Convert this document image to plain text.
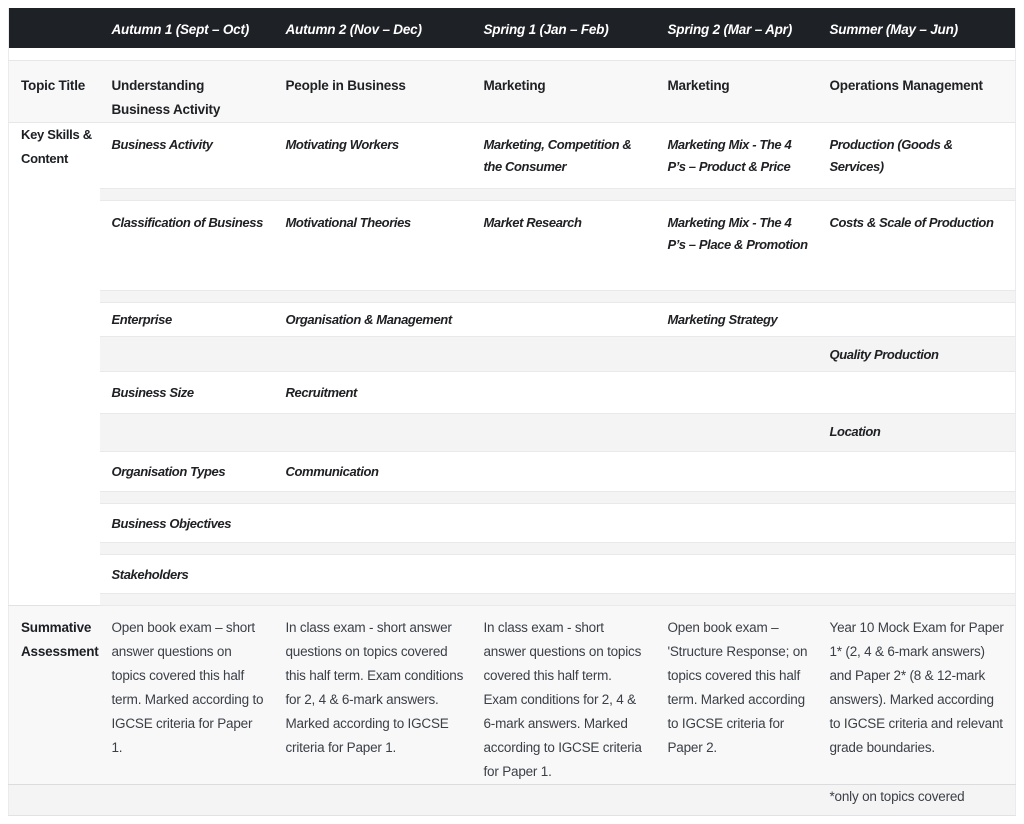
	Autumn 1 (Sept – Oct)	Autumn 2 (Nov – Dec)	Spring 1 (Jan – Feb)	Spring 2 (Mar – Apr)	Summer (May – Jun)

Topic Title	Understanding Business Activity	People in Business	Marketing	Marketing	Operations Management
Key Skills & Content	Business Activity	Motivating Workers	Marketing, Competition & the Consumer	Marketing Mix - The 4 P’s – Product & Price	Production (Goods & Services)

	Classification of Business	Motivational Theories	Market Research	Marketing Mix - The 4 P’s – Place & Promotion	Costs & Scale of Production

	Enterprise	Organisation & Management		Marketing Strategy	
					Quality Production
	Business Size	Recruitment			
					Location
	Organisation Types	Communication			

	Business Objectives				

	Stakeholders				

Summative Assessment	Open book exam – short answer questions on topics covered this half term. Marked according to IGCSE criteria for Paper 1.	In class exam - short answer questions on topics covered this half term. Exam conditions for 2, 4 & 6-mark answers. Marked according to IGCSE criteria for Paper 1.	In class exam - short answer questions on topics covered this half term. Exam conditions for 2, 4 & 6-mark answers. Marked according to IGCSE criteria for Paper 1.	Open book exam – 'Structure Response; on topics covered this half term. Marked according to IGCSE criteria for Paper 2.	Year 10 Mock Exam for Paper 1* (2, 4 & 6-mark answers) and Paper 2* (8 & 12-mark answers). Marked according to IGCSE criteria and relevant grade boundaries.
					*only on topics covered
